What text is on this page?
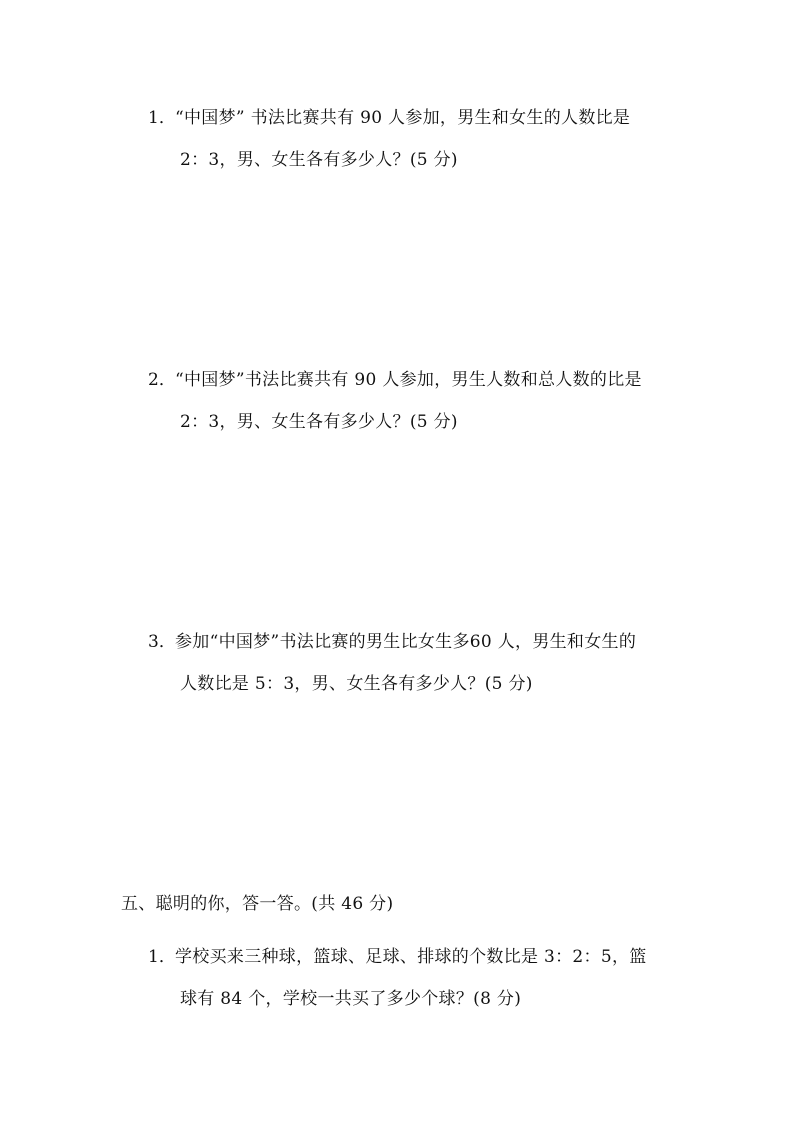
1． “中国梦” 书法比赛共有 90 人参加，男生和女生的人数比是
2：3，男、女生各有多少人？(5 分)
2． “中国梦”书法比赛共有 90 人参加，男生人数和总人数的比是
2：3，男、女生各有多少人？(5 分)
3． 参加“中国梦”书法比赛的男生比女生多60 人，男生和女生的
人数比是 5：3，男、女生各有多少人？(5 分)
五、聪明的你，答一答。(共 46 分)
1． 学校买来三种球，篮球、足球、排球的个数比是 3：2：5，篮
球有 84 个，学校一共买了多少个球？(8 分)
